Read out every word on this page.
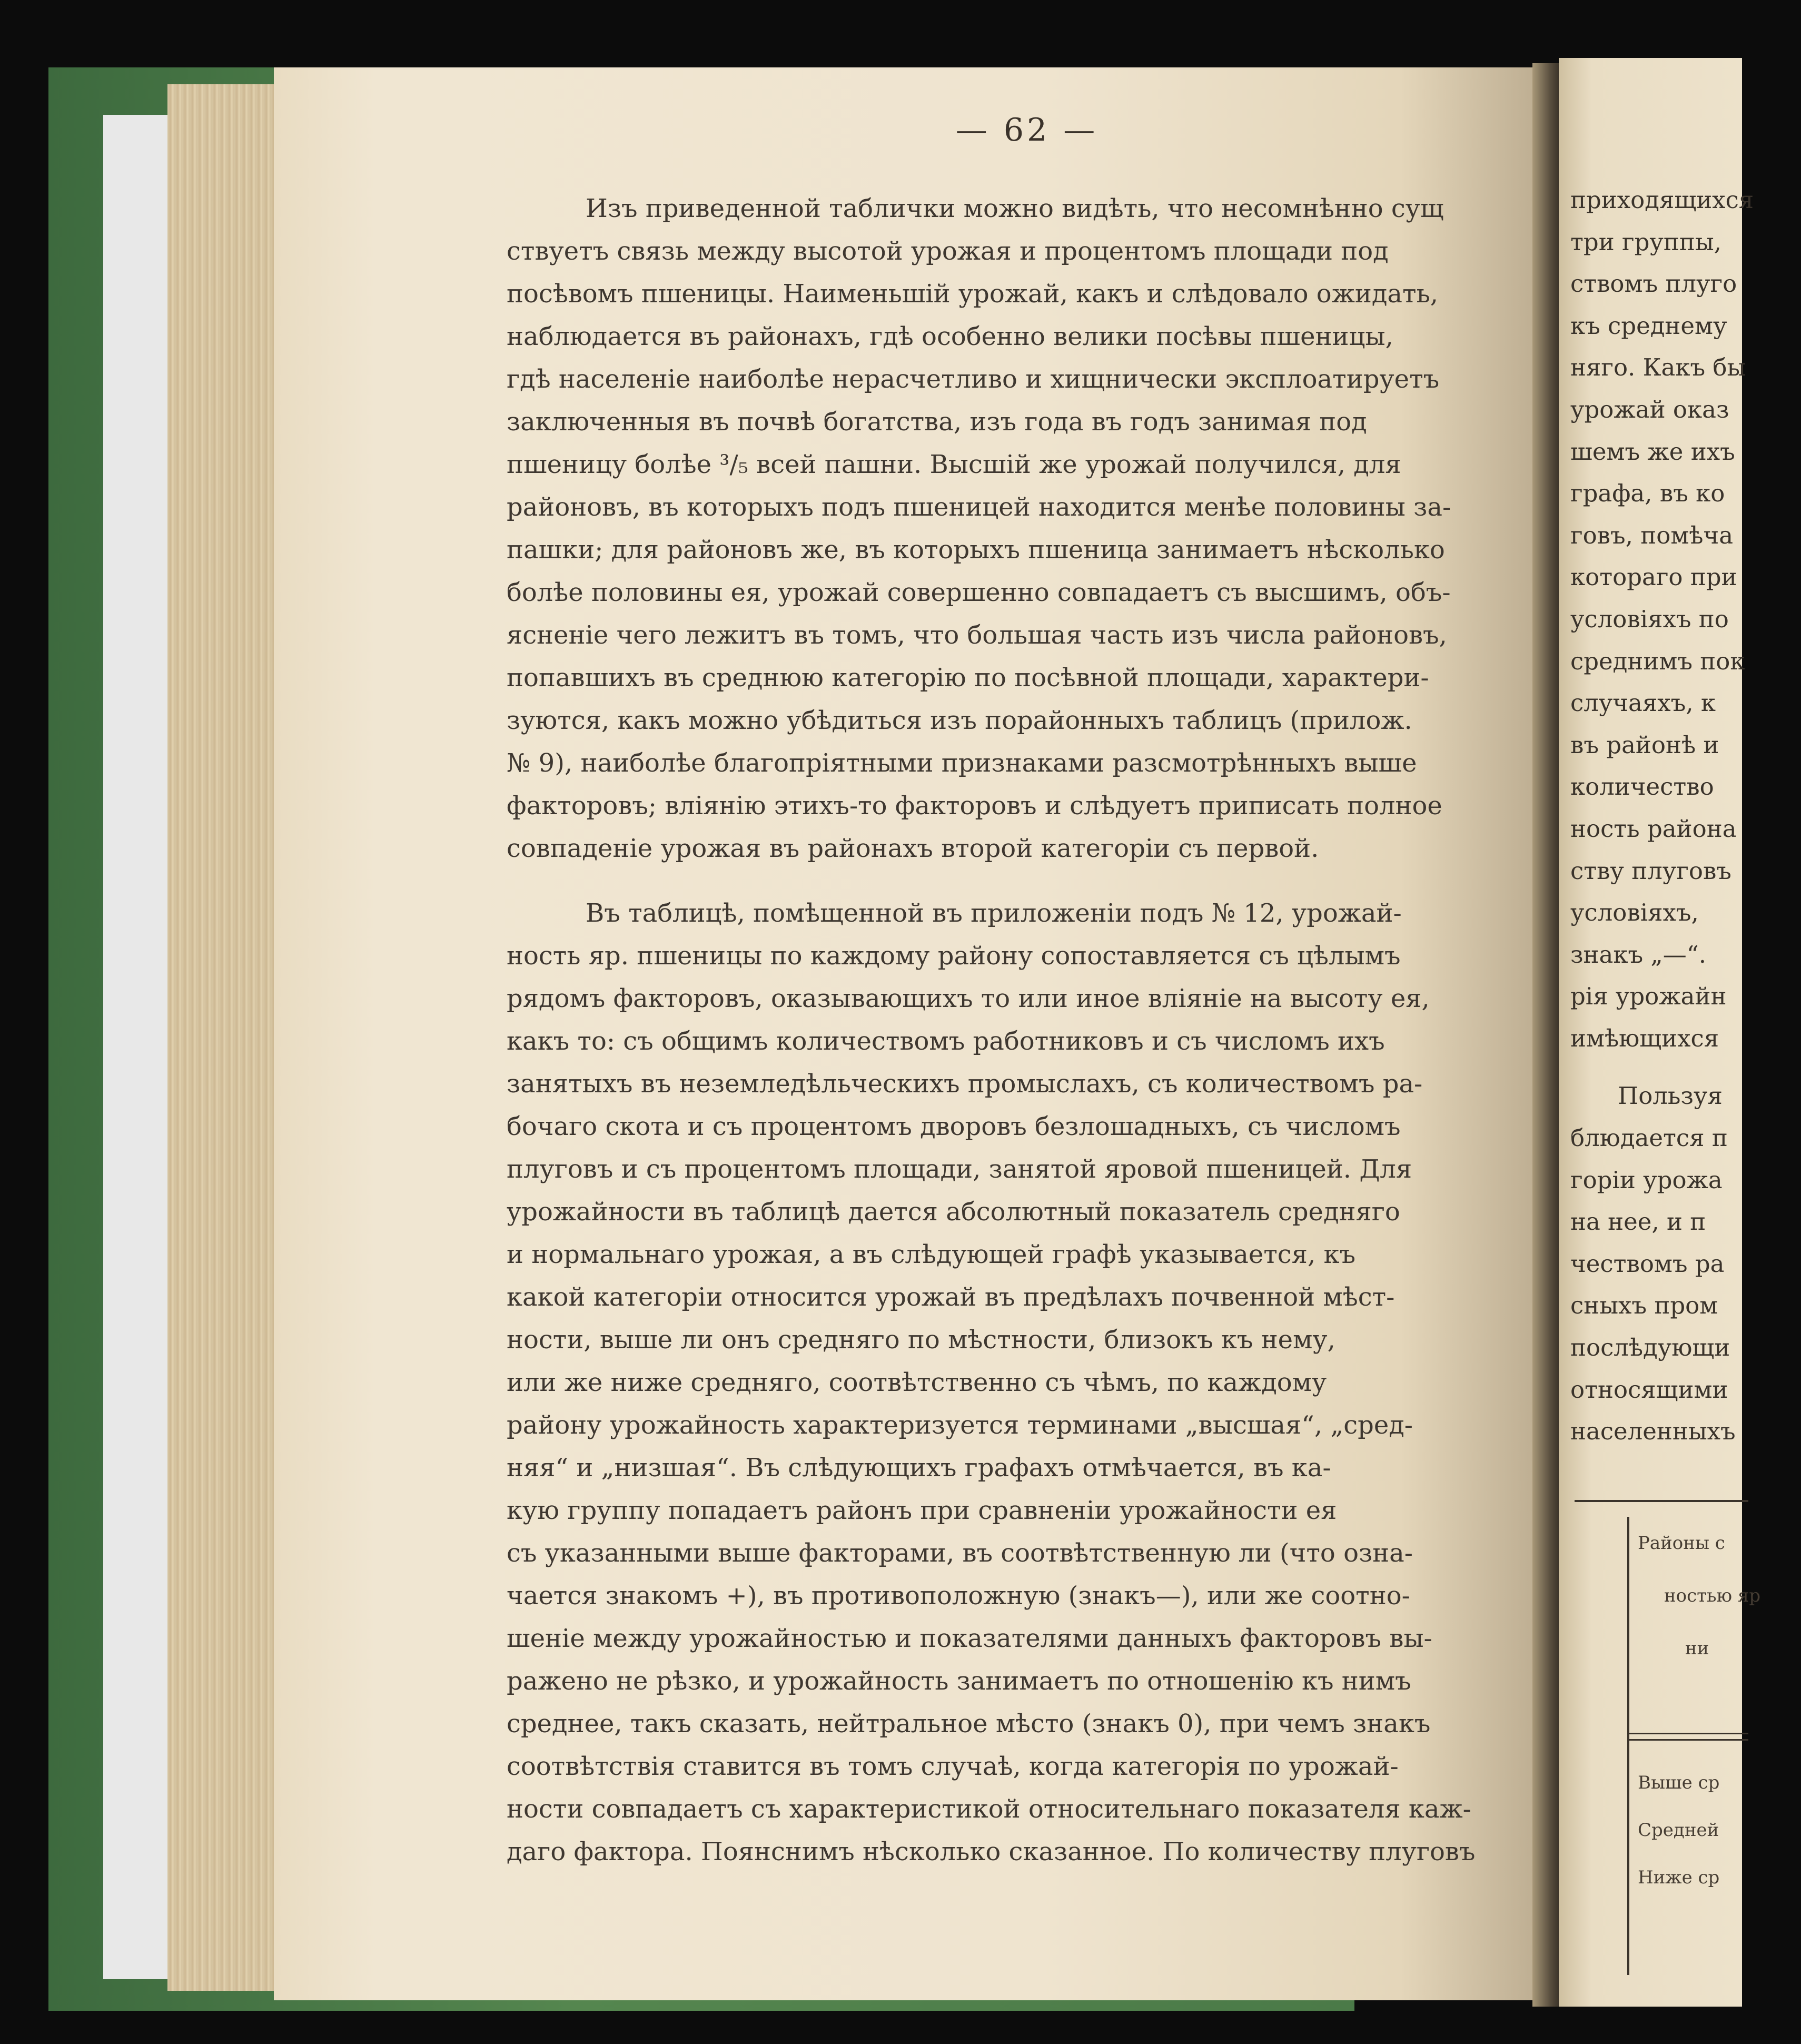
— 62 —
Изъ приведенной таблички можно видѣть, что несомнѣнно сущ
ствуетъ связь между высотой урожая и процентомъ площади под
посѣвомъ пшеницы. Наименьшій урожай, какъ и слѣдовало ожидать,
наблюдается въ районахъ, гдѣ особенно велики посѣвы пшеницы,
гдѣ населеніе наиболѣе нерасчетливо и хищнически эксплоатируетъ
заключенныя въ почвѣ богатства, изъ года въ годъ занимая под
пшеницу болѣе ³/₅ всей пашни. Высшій же урожай получился, для
районовъ, въ которыхъ подъ пшеницей находится менѣе половины за-
пашки; для районовъ же, въ которыхъ пшеница занимаетъ нѣсколько
болѣе половины ея, урожай совершенно совпадаетъ съ высшимъ, объ-
ясненіе чего лежитъ въ томъ, что большая часть изъ числа районовъ,
попавшихъ въ среднюю категорію по посѣвной площади, характери-
зуются, какъ можно убѣдиться изъ порайонныхъ таблицъ (прилож.
№ 9), наиболѣе благопріятными признаками разсмотрѣнныхъ выше
факторовъ; вліянію этихъ-то факторовъ и слѣдуетъ приписать полное
совпаденіе урожая въ районахъ второй категоріи съ первой.
Въ таблицѣ, помѣщенной въ приложеніи подъ № 12, урожай-
ность яр. пшеницы по каждому району сопоставляется съ цѣлымъ
рядомъ факторовъ, оказывающихъ то или иное вліяніе на высоту ея,
какъ то: съ общимъ количествомъ работниковъ и съ числомъ ихъ
занятыхъ въ неземледѣльческихъ промыслахъ, съ количествомъ ра-
бочаго скота и съ процентомъ дворовъ безлошадныхъ, съ числомъ
плуговъ и съ процентомъ площади, занятой яровой пшеницей. Для
урожайности въ таблицѣ дается абсолютный показатель средняго
и нормальнаго урожая, а въ слѣдующей графѣ указывается, къ
какой категоріи относится урожай въ предѣлахъ почвенной мѣст-
ности, выше ли онъ средняго по мѣстности, близокъ къ нему,
или же ниже средняго, соотвѣтственно съ чѣмъ, по каждому
району урожайность характеризуется терминами „высшая“, „сред-
няя“ и „низшая“. Въ слѣдующихъ графахъ отмѣчается, въ ка-
кую группу попадаетъ районъ при сравненіи урожайности ея
съ указанными выше факторами, въ соотвѣтственную ли (что озна-
чается знакомъ +), въ противоположную (знакъ—), или же соотно-
шеніе между урожайностью и показателями данныхъ факторовъ вы-
ражено не рѣзко, и урожайность занимаетъ по отношенію къ нимъ
среднее, такъ сказать, нейтральное мѣсто (знакъ 0), при чемъ знакъ
соотвѣтствія ставится въ томъ случаѣ, когда категорія по урожай-
ности совпадаетъ съ характеристикой относительнаго показателя каж-
даго фактора. Поянснимъ нѣсколько сказанное. По количеству плуговъ
приходящихся
три группы,
ствомъ плуго
къ среднему
няго. Какъ бы
урожай оказ
шемъ же ихъ
графа, въ ко
говъ, помѣча
котораго при
условіяхъ по
среднимъ пок
случаяхъ, к
въ районѣ и
количество
ность района
ству плуговъ
условіяхъ,
знакъ „—“.
рія урожайн
имѣющихся
Пользуя
блюдается п
горіи урожа
на нее, и п
чествомъ ра
сныхъ пром
послѣдующи
относящими
населенныхъ
Районы с
ностью яр
ни
Выше ср
Средней
Ниже ср
